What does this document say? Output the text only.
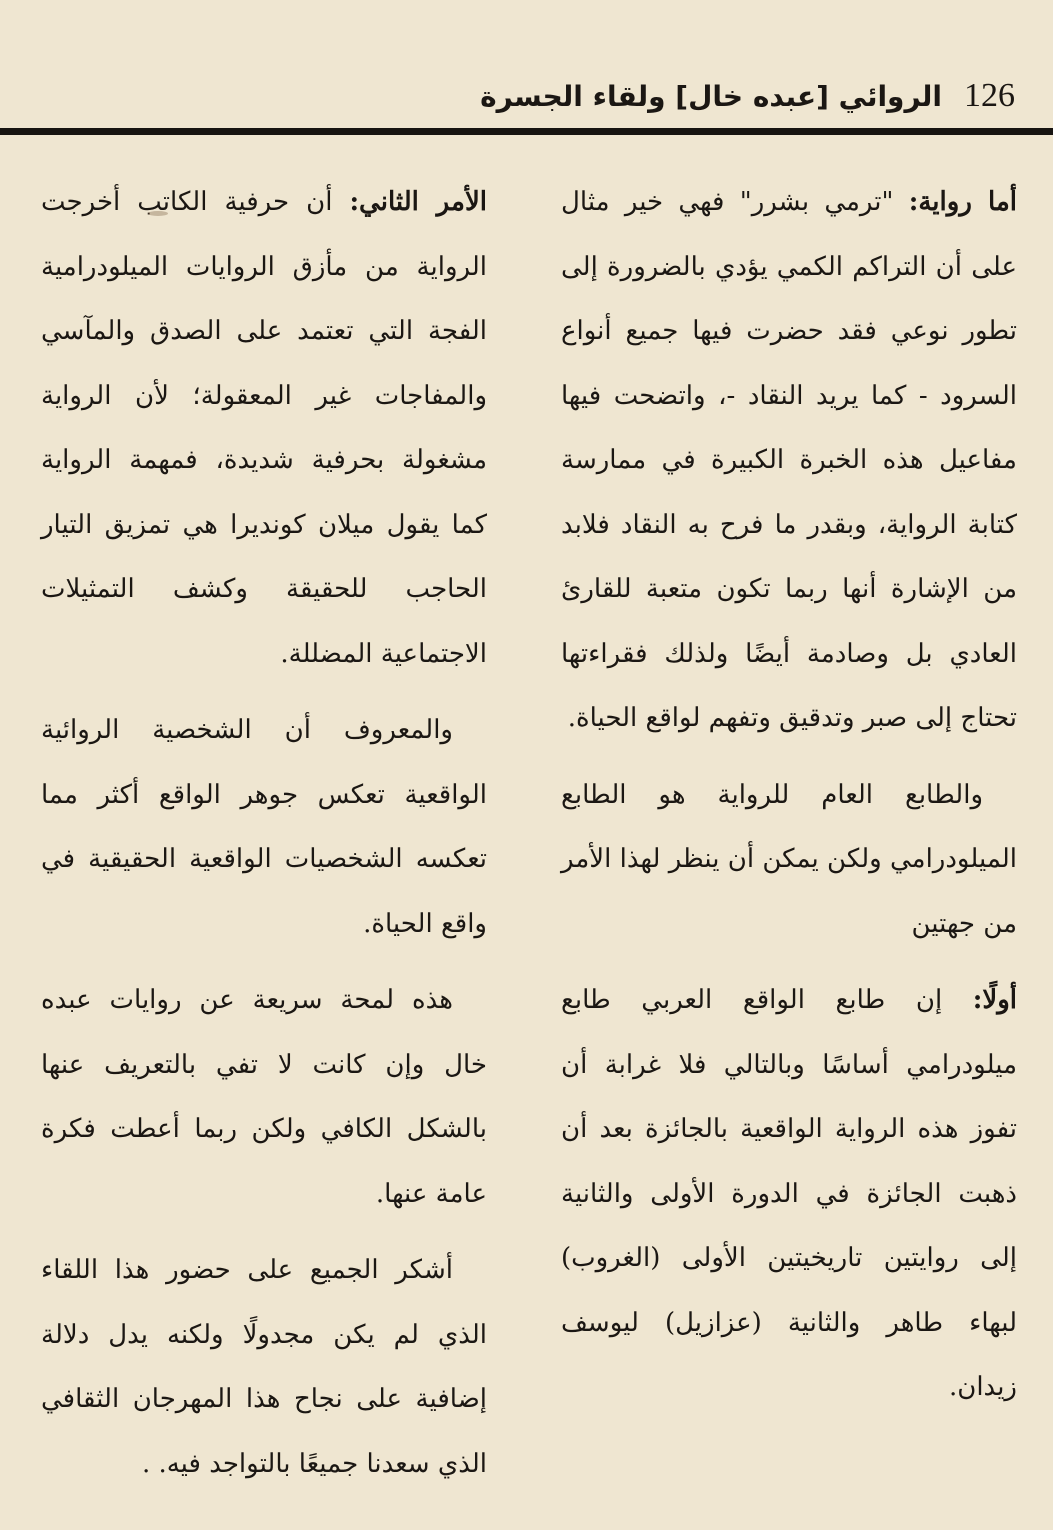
الروائي [عبده خال] ولقاء الجسرة 126

أما رواية: "ترمي بشرر" فهي خير مثال على أن التراكم الكمي يؤدي بالضرورة إلى تطور نوعي فقد حضرت فيها جميع أنواع السرود - كما يريد النقاد -، واتضحت فيها مفاعيل هذه الخبرة الكبيرة في ممارسة كتابة الرواية، وبقدر ما فرح به النقاد فلابد من الإشارة أنها ربما تكون متعبة للقارئ العادي بل وصادمة أيضًا ولذلك فقراءتها تحتاج إلى صبر وتدقيق وتفهم لواقع الحياة.

والطابع العام للرواية هو الطابع الميلودرامي ولكن يمكن أن ينظر لهذا الأمر من جهتين

أولًا: إن طابع الواقع العربي طابع ميلودرامي أساسًا وبالتالي فلا غرابة أن تفوز هذه الرواية الواقعية بالجائزة بعد أن ذهبت الجائزة في الدورة الأولى والثانية إلى روايتين تاريخيتين الأولى (الغروب) لبهاء طاهر والثانية (عزازيل) ليوسف زيدان.

الأمر الثاني: أن حرفية الكاتب أخرجت الرواية من مأزق الروايات الميلودرامية الفجة التي تعتمد على الصدق والمآسي والمفاجات غير المعقولة؛ لأن الرواية مشغولة بحرفية شديدة، فمهمة الرواية كما يقول ميلان كونديرا هي تمزيق التيار الحاجب للحقيقة وكشف التمثيلات الاجتماعية المضللة.

والمعروف أن الشخصية الروائية الواقعية تعكس جوهر الواقع أكثر مما تعكسه الشخصيات الواقعية الحقيقية في واقع الحياة.

هذه لمحة سريعة عن روايات عبده خال وإن كانت لا تفي بالتعريف عنها بالشكل الكافي ولكن ربما أعطت فكرة عامة عنها.

أشكر الجميع على حضور هذا اللقاء الذي لم يكن مجدولًا ولكنه يدل دلالة إضافية على نجاح هذا المهرجان الثقافي الذي سعدنا جميعًا بالتواجد فيه. .
